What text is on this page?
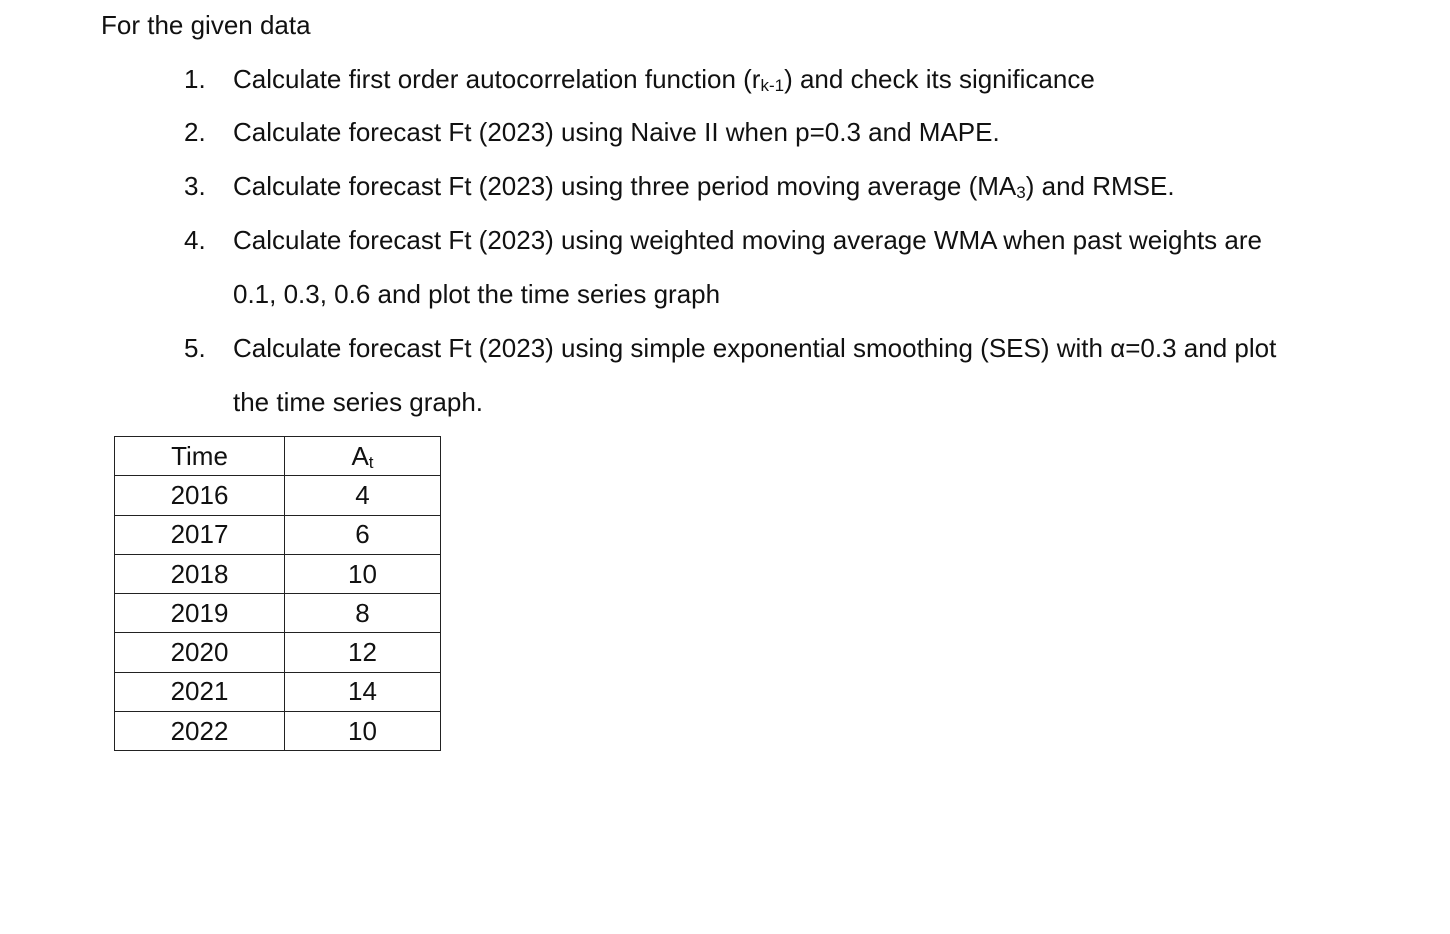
For the given data
1. Calculate first order autocorrelation function (rk-1) and check its significance
2. Calculate forecast Ft (2023) using Naive II when p=0.3 and MAPE.
3. Calculate forecast Ft (2023) using three period moving average (MA3) and RMSE.
4. Calculate forecast Ft (2023) using weighted moving average WMA when past weights are
0.1, 0.3, 0.6 and plot the time series graph
5. Calculate forecast Ft (2023) using simple exponential smoothing (SES) with α=0.3 and plot
the time series graph.
Time	At
2016	4
2017	6
2018	10
2019	8
2020	12
2021	14
2022	10
